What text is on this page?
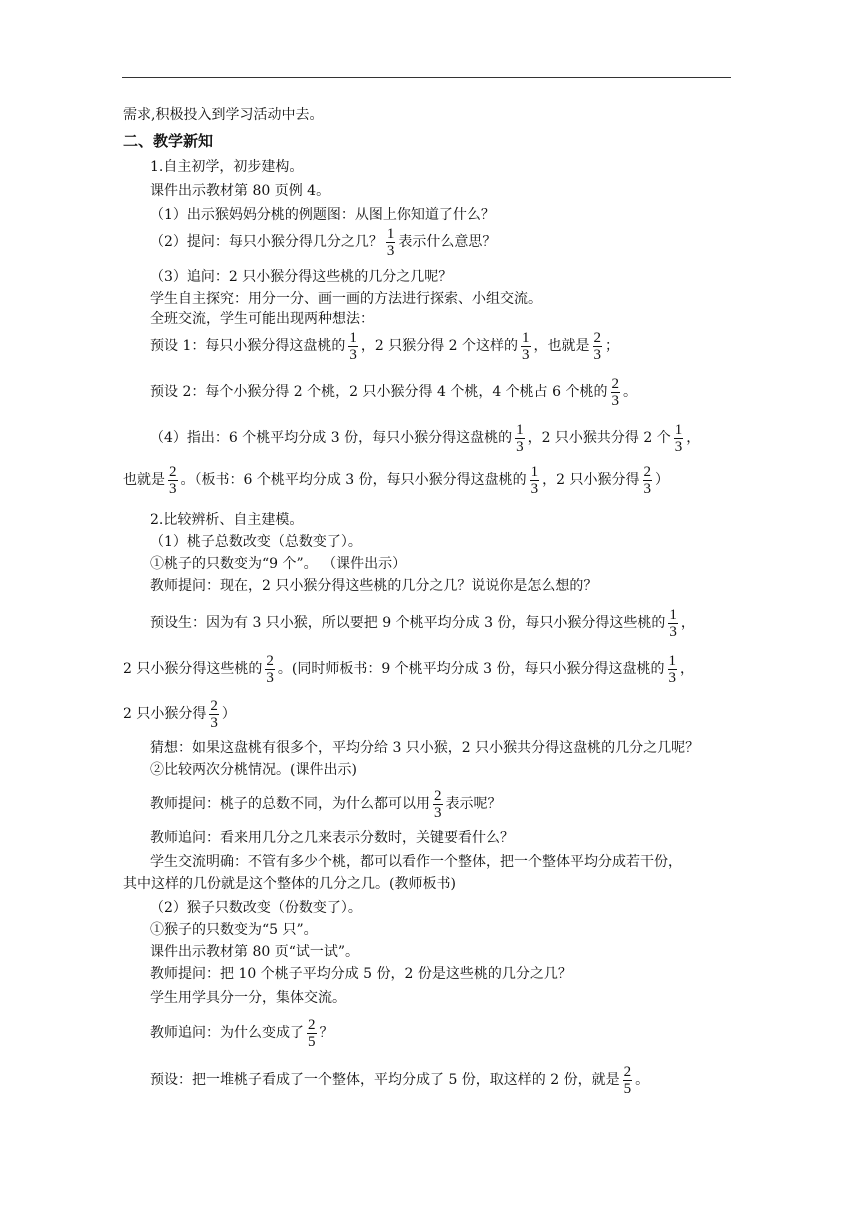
需求,积极投入到学习活动中去。
二、教学新知
1.自主初学，初步建构。
课件出示教材第 80 页例 4。
（1）出示猴妈妈分桃的例题图：从图上你知道了什么？
（2）提问：每只小猴分得几分之几？ $\frac{1}{3}$ 表示什么意思？
（3）追问：2 只小猴分得这些桃的几分之几呢？
学生自主探究：用分一分、画一画的方法进行探索、小组交流。
全班交流，学生可能出现两种想法：
预设 1：每只小猴分得这盘桃的 $\frac{1}{3}$ ，2 只猴分得 2 个这样的 $\frac{1}{3}$ ，也就是 $\frac{2}{3}$ ；
预设 2：每个小猴分得 2 个桃，2 只小猴分得 4 个桃，4 个桃占 6 个桃的 $\frac{2}{3}$ 。
（4）指出：6 个桃平均分成 3 份，每只小猴分得这盘桃的 $\frac{1}{3}$ ，2 只小猴共分得 2 个 $\frac{1}{3}$ ，
也就是 $\frac{2}{3}$ 。（板书：6 个桃平均分成 3 份，每只小猴分得这盘桃的 $\frac{1}{3}$ ，2 只小猴分得 $\frac{2}{3}$ ）
2.比较辨析、自主建模。
（1）桃子总数改变（总数变了）。
①桃子的只数变为“9 个”。 （课件出示）
教师提问：现在，2 只小猴分得这些桃的几分之几？说说你是怎么想的？
预设生：因为有 3 只小猴，所以要把 9 个桃平均分成 3 份，每只小猴分得这些桃的 $\frac{1}{3}$ ，
2 只小猴分得这些桃的 $\frac{2}{3}$ 。(同时师板书：9 个桃平均分成 3 份，每只小猴分得这盘桃的 $\frac{1}{3}$ ，
2 只小猴分得 $\frac{2}{3}$ ）
猜想：如果这盘桃有很多个，平均分给 3 只小猴，2 只小猴共分得这盘桃的几分之几呢？
②比较两次分桃情况。(课件出示)
教师提问：桃子的总数不同，为什么都可以用 $\frac{2}{3}$ 表示呢？
教师追问：看来用几分之几来表示分数时，关键要看什么？
学生交流明确：不管有多少个桃，都可以看作一个整体，把一个整体平均分成若干份，
其中这样的几份就是这个整体的几分之几。(教师板书)
（2）猴子只数改变（份数变了）。
①猴子的只数变为“5 只”。
课件出示教材第 80 页“试一试”。
教师提问：把 10 个桃子平均分成 5 份，2 份是这些桃的几分之几？
学生用学具分一分，集体交流。
教师追问：为什么变成了 $\frac{2}{5}$ ？
预设：把一堆桃子看成了一个整体，平均分成了 5 份，取这样的 2 份，就是 $\frac{2}{5}$ 。
